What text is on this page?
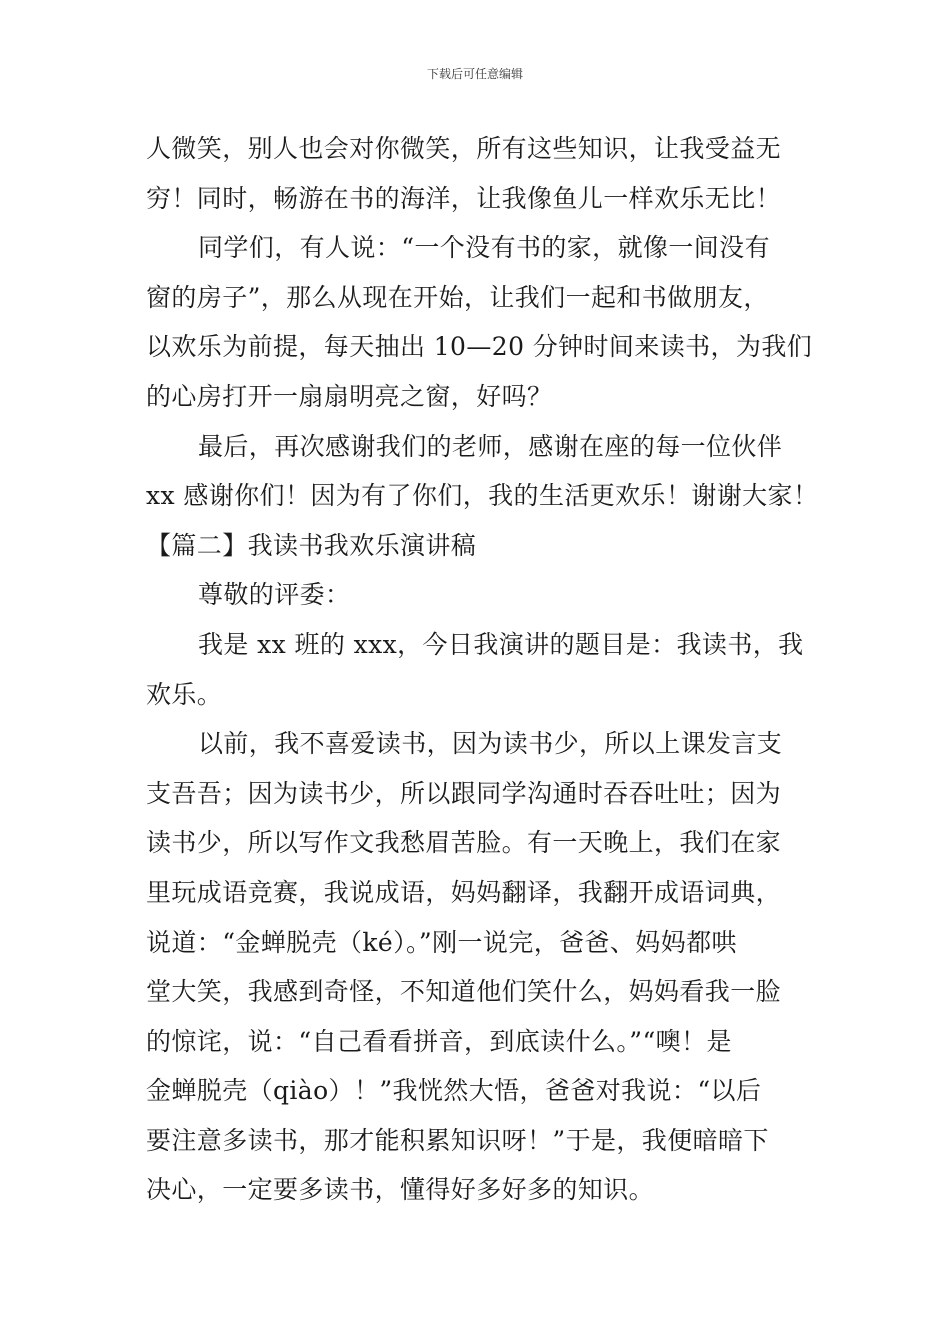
下载后可任意编辑
人微笑，别人也会对你微笑，所有这些知识，让我受益无
穷！同时，畅游在书的海洋，让我像鱼儿一样欢乐无比！
同学们，有人说：“一个没有书的家，就像一间没有
窗的房子”，那么从现在开始，让我们一起和书做朋友，
以欢乐为前提，每天抽出 10—20 分钟时间来读书，为我们
的心房打开一扇扇明亮之窗，好吗？
最后，再次感谢我们的老师，感谢在座的每一位伙伴
xx 感谢你们！因为有了你们，我的生活更欢乐！谢谢大家！
【篇二】我读书我欢乐演讲稿
尊敬的评委：
我是 xx 班的 xxx，今日我演讲的题目是：我读书，我
欢乐。
以前，我不喜爱读书，因为读书少，所以上课发言支
支吾吾；因为读书少，所以跟同学沟通时吞吞吐吐；因为
读书少，所以写作文我愁眉苦脸。有一天晚上，我们在家
里玩成语竞赛，我说成语，妈妈翻译，我翻开成语词典，
说道：“金蝉脱壳（ké）。”刚一说完，爸爸、妈妈都哄
堂大笑，我感到奇怪，不知道他们笑什么，妈妈看我一脸
的惊诧，说：“自己看看拼音，到底读什么。”“噢！是
金蝉脱壳（qiào）！”我恍然大悟，爸爸对我说：“以后
要注意多读书，那才能积累知识呀！”于是，我便暗暗下
决心，一定要多读书，懂得好多好多的知识。
